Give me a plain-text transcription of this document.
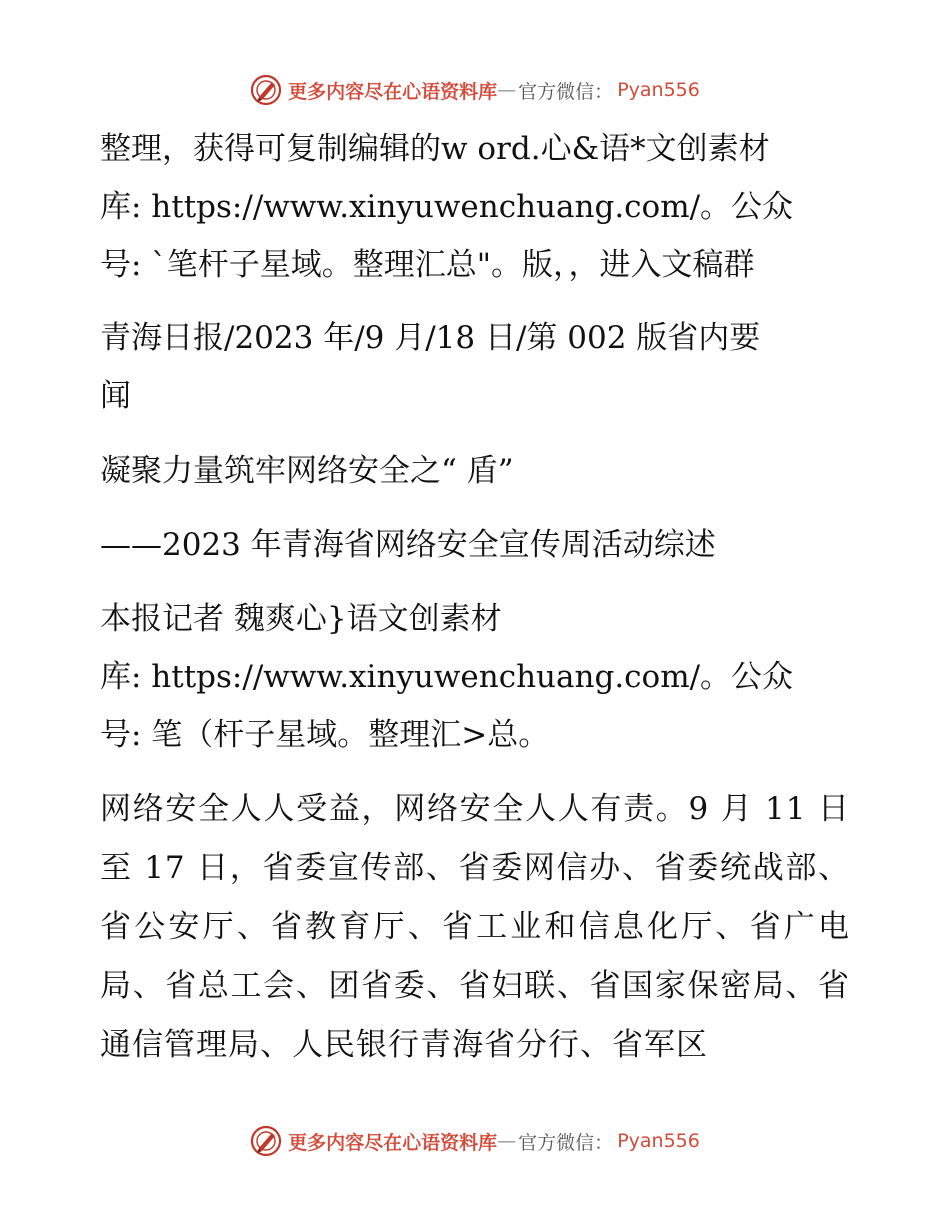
更多内容尽在心语资料库 — 官方微信： Pyan556
整理，获得可复制编辑的w ord.心&语*文创素材
库: https://www.xinyuwenchuang.com/。公众
号: `笔杆子星域。整理汇总"。版，，进入文稿群
青海日报/2023 年/9 月/18 日/第 002 版省内要
闻
凝聚力量筑牢网络安全之“ 盾”
——2023 年青海省网络安全宣传周活动综述
本报记者 魏爽心}语文创素材
库: https://www.xinyuwenchuang.com/。公众
号: 笔（杆子星域。整理汇>总。
网络安全人人受益，网络安全人人有责。9 月 11 日至 17 日，省委宣传部、省委网信办、省委统战部、省公安厅、省教育厅、省工业和信息化厅、省广电局、省总工会、团省委、省妇联、省国家保密局、省通信管理局、人民银行青海省分行、省军区
更多内容尽在心语资料库 — 官方微信： Pyan556
